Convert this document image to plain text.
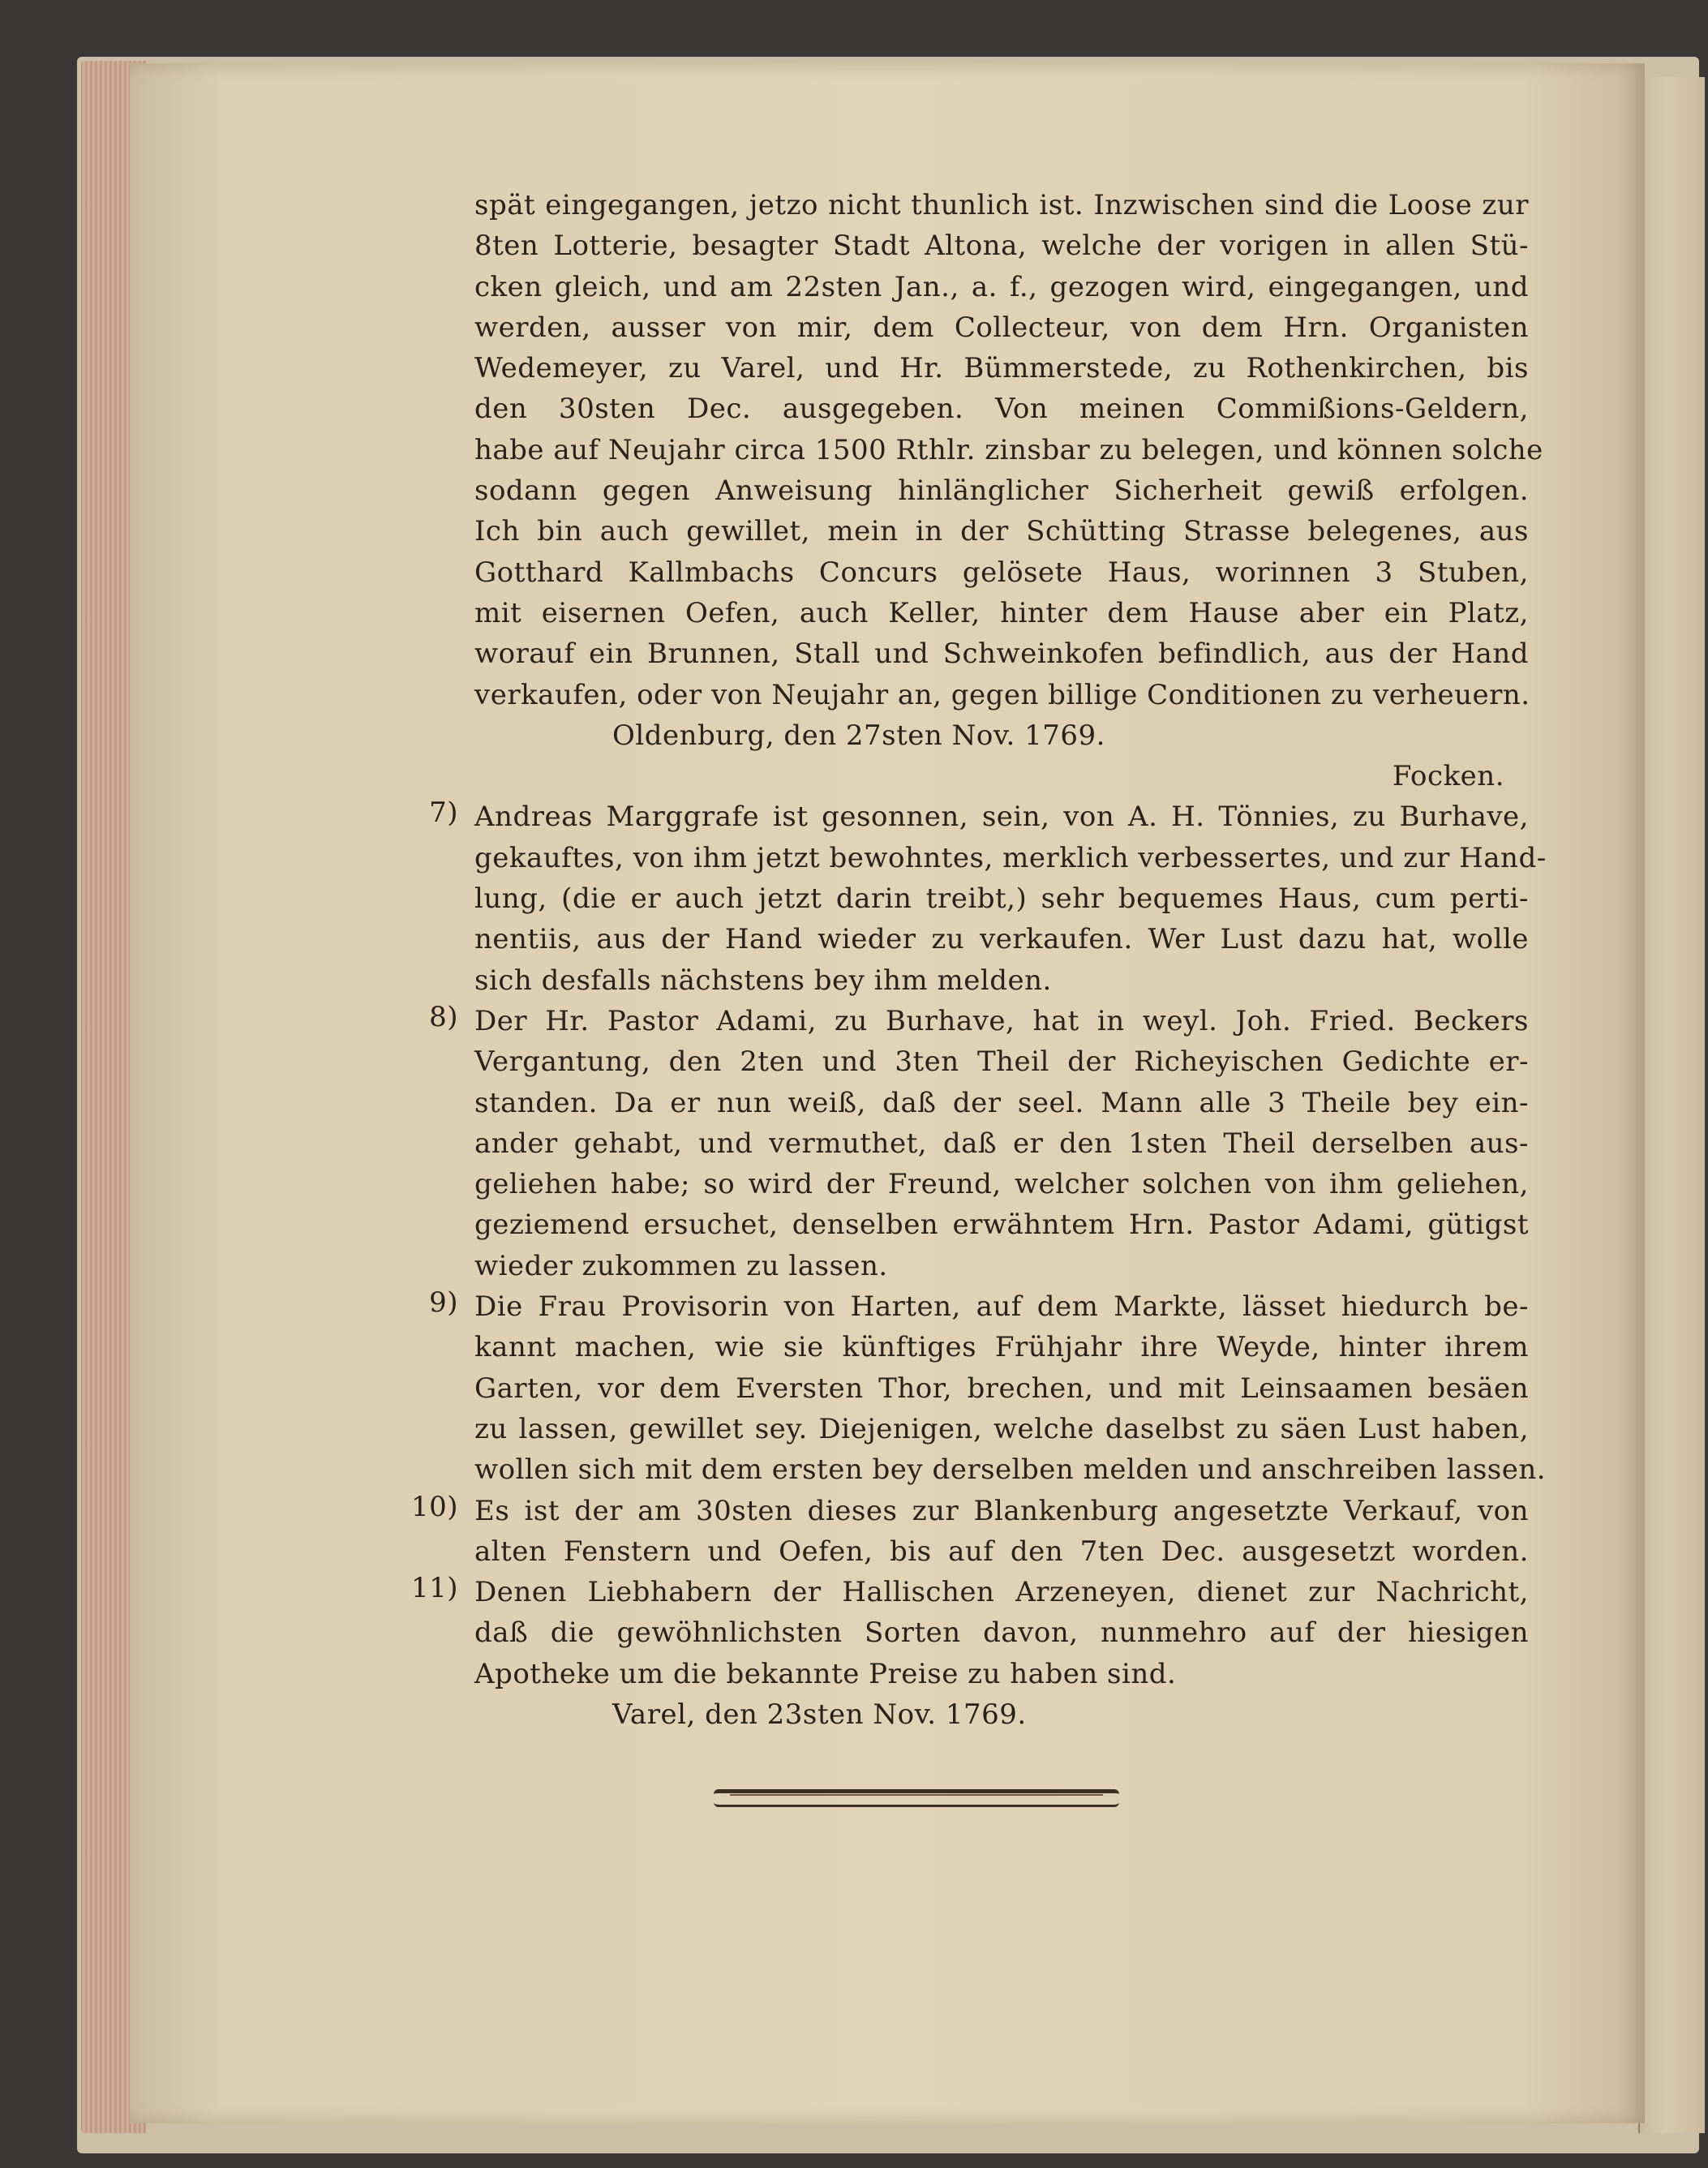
spät eingegangen, jetzo nicht thunlich ist. Inzwischen sind die Loose zur
8ten Lotterie, besagter Stadt Altona, welche der vorigen in allen Stü-
cken gleich, und am 22sten Jan., a. f., gezogen wird, eingegangen, und
werden, ausser von mir, dem Collecteur, von dem Hrn. Organisten
Wedemeyer, zu Varel, und Hr. Bümmerstede, zu Rothenkirchen, bis
den 30sten Dec. ausgegeben. Von meinen Commißions-Geldern,
habe auf Neujahr circa 1500 Rthlr. zinsbar zu belegen, und können solche
sodann gegen Anweisung hinlänglicher Sicherheit gewiß erfolgen.
Ich bin auch gewillet, mein in der Schütting Strasse belegenes, aus
Gotthard Kallmbachs Concurs gelösete Haus, worinnen 3 Stuben,
mit eisernen Oefen, auch Keller, hinter dem Hause aber ein Platz,
worauf ein Brunnen, Stall und Schweinkofen befindlich, aus der Hand
verkaufen, oder von Neujahr an, gegen billige Conditionen zu verheuern.
Oldenburg, den 27sten Nov. 1769.
Focken.
7) Andreas Marggrafe ist gesonnen, sein, von A. H. Tönnies, zu Burhave,
gekauftes, von ihm jetzt bewohntes, merklich verbessertes, und zur Hand-
lung, (die er auch jetzt darin treibt,) sehr bequemes Haus, cum perti-
nentiis, aus der Hand wieder zu verkaufen. Wer Lust dazu hat, wolle
sich desfalls nächstens bey ihm melden.
8) Der Hr. Pastor Adami, zu Burhave, hat in weyl. Joh. Fried. Beckers
Vergantung, den 2ten und 3ten Theil der Richeyischen Gedichte er-
standen. Da er nun weiß, daß der seel. Mann alle 3 Theile bey ein-
ander gehabt, und vermuthet, daß er den 1sten Theil derselben aus-
geliehen habe; so wird der Freund, welcher solchen von ihm geliehen,
geziemend ersuchet, denselben erwähntem Hrn. Pastor Adami, gütigst
wieder zukommen zu lassen.
9) Die Frau Provisorin von Harten, auf dem Markte, lässet hiedurch be-
kannt machen, wie sie künftiges Frühjahr ihre Weyde, hinter ihrem
Garten, vor dem Eversten Thor, brechen, und mit Leinsaamen besäen
zu lassen, gewillet sey. Diejenigen, welche daselbst zu säen Lust haben,
wollen sich mit dem ersten bey derselben melden und anschreiben lassen.
10) Es ist der am 30sten dieses zur Blankenburg angesetzte Verkauf, von
alten Fenstern und Oefen, bis auf den 7ten Dec. ausgesetzt worden.
11) Denen Liebhabern der Hallischen Arzeneyen, dienet zur Nachricht,
daß die gewöhnlichsten Sorten davon, nunmehro auf der hiesigen
Apotheke um die bekannte Preise zu haben sind.
Varel, den 23sten Nov. 1769.
